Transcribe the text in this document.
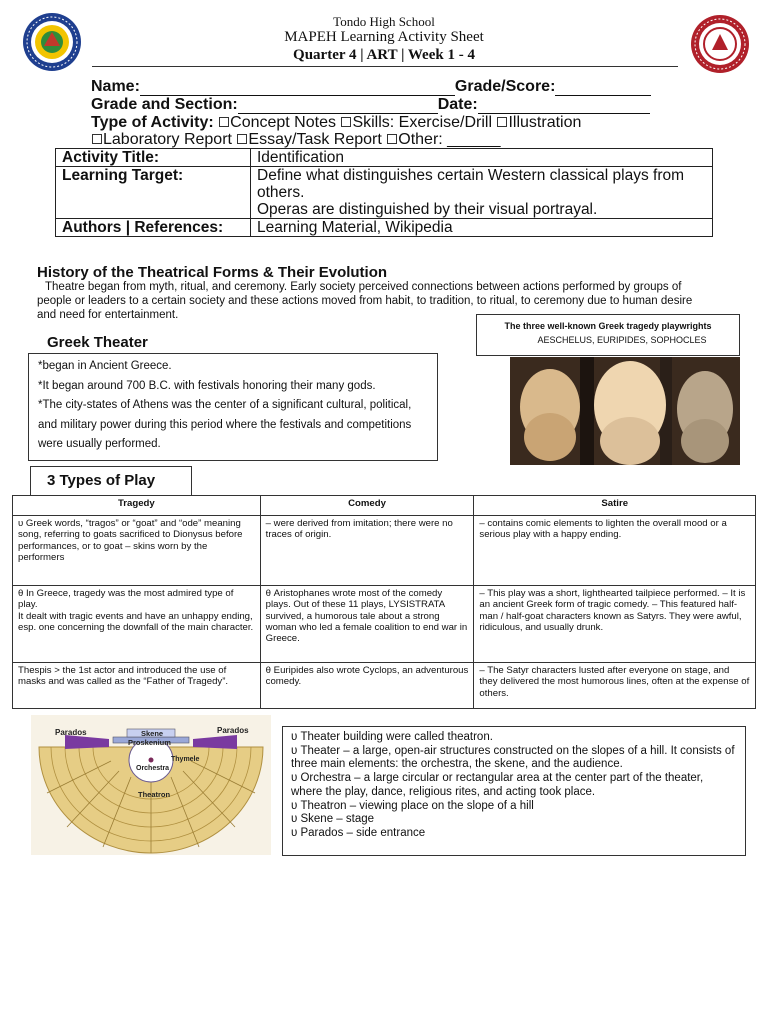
Tondo High School
MAPEH Learning Activity Sheet
Quarter 4 | ART | Week 1 - 4
Name:	Grade/Score:
Grade and Section:	Date:
Type of Activity: Concept Notes Skills: Exercise/Drill Illustration
Laboratory Report Essay/Task Report Other: ______
Activity Title:	Identification
Learning Target:	Define what distinguishes certain Western classical plays from others.
Operas are distinguished by their visual portrayal.

Authors | References:	Learning Material, Wikipedia
History of the Theatrical Forms & Their Evolution
Theatre began from myth, ritual, and ceremony. Early society perceived connections between actions performed by groups of people or leaders to a certain society and these actions moved from habit, to tradition, to ritual, to ceremony due to human desire and need for entertainment.
The three well-known Greek tragedy playwrights
AESCHELUS, EURIPIDES, SOPHOCLES
Greek Theater
*began in Ancient Greece.
*It began around 700 B.C. with festivals honoring their many gods.
*The city-states of Athens was the center of a significant cultural, political, and military power during this period where the festivals and competitions were usually performed.
3 Types of Play
Tragedy	Comedy	Satire
υ Greek words, “tragos” or “goat” and “ode” meaning song, referring to goats sacrificed to Dionysus before performances, or to goat – skins worn by the performers	– were derived from imitation; there were no traces of origin.	– contains comic elements to lighten the overall mood or a serious play with a happy ending.
θ In Greece, tragedy was the most admired type of play.
It dealt with tragic events and have an unhappy ending, esp. one concerning the downfall of the main character.	θ Aristophanes wrote most of the comedy plays. Out of these 11 plays, LYSISTRATA survived, a humorous tale about a strong woman who led a female coalition to end war in Greece.	– This play was a short, lighthearted tailpiece performed. – It is an ancient Greek form of tragic comedy. – This featured half-man / half-goat characters known as Satyrs. They were awful, ridiculous, and usually drunk.
Thespis > the 1st actor and introduced the use of masks and was called as the “Father of Tragedy”.	θ Euripides also wrote Cyclops, an adventurous comedy.	– The Satyr characters lusted after everyone on stage, and they delivered the most humorous lines, often at the expense of others.
Parados	Parados
Skene
Proskenium
Orchestra
Thymele
Theatron
υ Theater building were called theatron.
υ Theater – a large, open-air structures constructed on the slopes of a hill. It consists of three main elements: the orchestra, the skene, and the audience.
υ Orchestra – a large circular or rectangular area at the center part of the theater, where the play, dance, religious rites, and acting took place.
υ Theatron – viewing place on the slope of a hill
υ Skene – stage
υ Parados – side entrance
